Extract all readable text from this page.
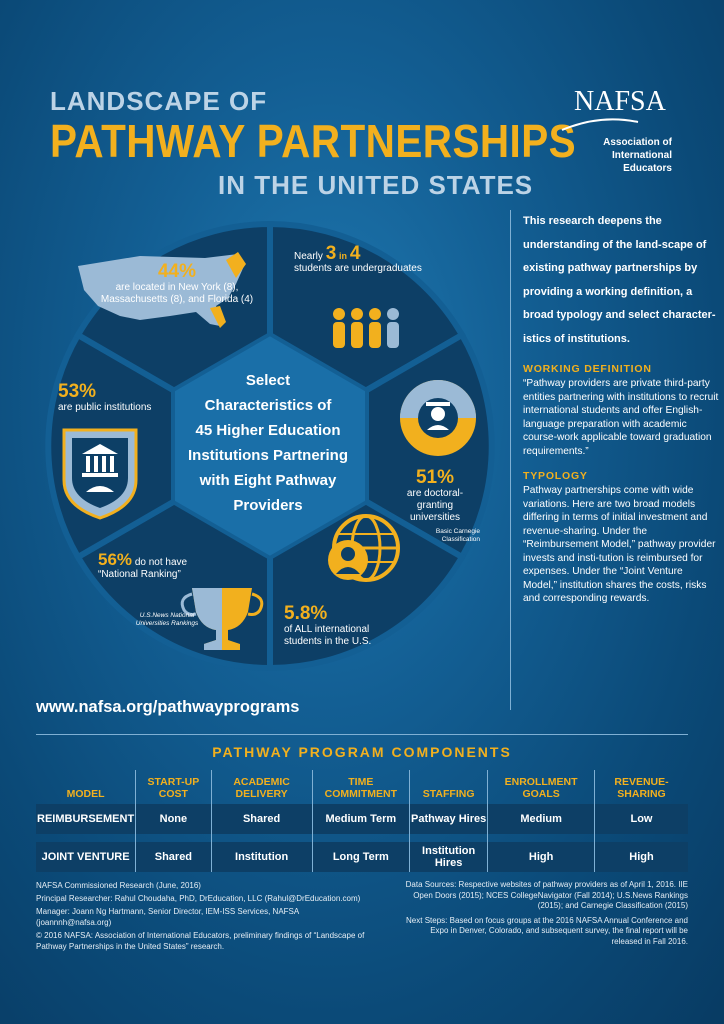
LANDSCAPE OF
PATHWAY PARTNERSHIPS
IN THE UNITED STATES
NAFSA
Association of
International Educators
44%
are located in New York (8),
Massachusetts (8), and Florida (4)
Nearly 3 in 4
students are undergraduates
51%
are doctoral-granting
universities
Basic Carnegie
Classification
5.8%
of ALL international
students in the U.S.
56% do not have
“National Ranking”
U.S.News National
Universities Rankings
53%
are public institutions
Select
Characteristics of
45 Higher Education
Institutions Partnering
with Eight Pathway
Providers

This research deepens the understanding of the land-scape of existing pathway partnerships by providing a working definition, a broad typology and select character-istics of institutions.

WORKING DEFINITION

“Pathway providers are private third-party entities partnering with institutions to recruit international students and offer English-language preparation with academic course-work applicable toward graduation requirements.”

TYPOLOGY

Pathway partnerships come with wide variations. Here are two broad models differing in terms of initial investment and revenue-sharing. Under the “Reimbursement Model,” pathway provider invests and insti-tution is reimbursed for expenses. Under the “Joint Venture Model,” institution shares the costs, risks and corresponding rewards.

www.nafsa.org/pathwayprograms
PATHWAY PROGRAM COMPONENTS
MODEL	START-UP COST	ACADEMIC DELIVERY	TIME COMMITMENT	STAFFING	ENROLLMENT GOALS	REVENUE-SHARING
REIMBURSEMENT	None	Shared	Medium Term	Pathway Hires	Medium	Low

JOINT VENTURE	Shared	Institution	Long Term	Institution Hires	High	High

NAFSA Commissioned Research (June, 2016)

Principal Researcher: Rahul Choudaha, PhD, DrEducation, LLC (Rahul@DrEducation.com)

Manager: Joann Ng Hartmann, Senior Director, IEM-ISS Services, NAFSA (joannnh@nafsa.org)

© 2016 NAFSA: Association of International Educators, preliminary findings of “Landscape of Pathway Partnerships in the United States” research.

Data Sources: Respective websites of pathway providers as of April 1, 2016. IIE Open Doors (2015); NCES CollegeNavigator (Fall 2014); U.S.News Rankings (2015); and Carnegie Classification (2015)

Next Steps: Based on focus groups at the 2016 NAFSA Annual Conference and Expo in Denver, Colorado, and subsequent survey, the final report will be released in Fall 2016.
